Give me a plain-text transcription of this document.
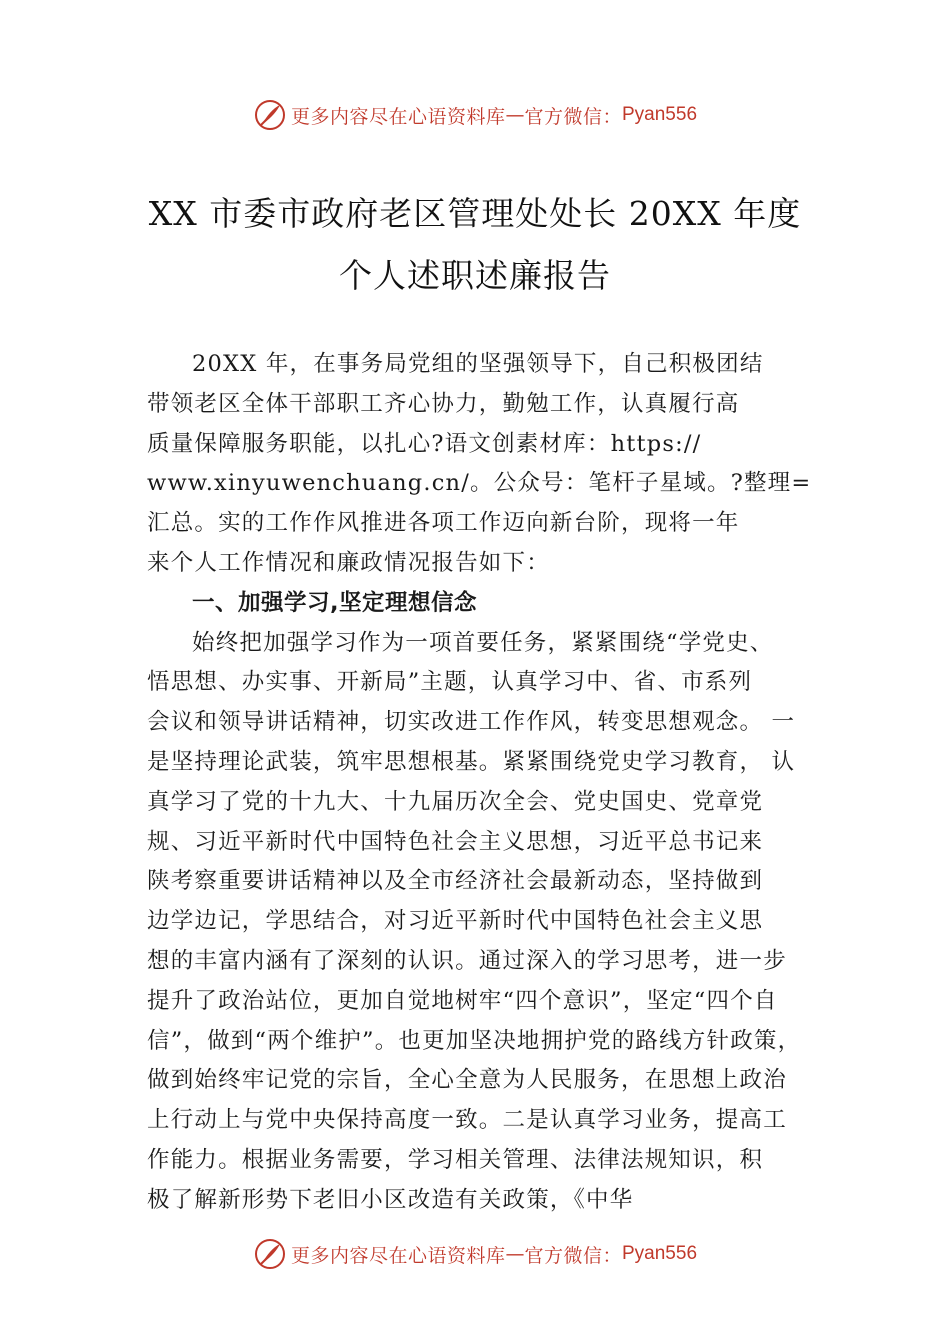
更多内容尽在心语资料库 — 官方微信： Pyan556
XX 市委市政府老区管理处处长 20XX 年度
个人述职述廉报告
20XX 年，在事务局党组的坚强领导下，自己积极团结
带领老区全体干部职工齐心协力，勤勉工作，认真履行高
质量保障服务职能，以扎心?语文创素材库：https://
www.xinyuwenchuang.cn/。公众号：笔杆子星域。?整理=
汇总。实的工作作风推进各项工作迈向新台阶，现将一年
来个人工作情况和廉政情况报告如下：
一、加强学习,坚定理想信念
始终把加强学习作为一项首要任务，紧紧围绕“学党史、
悟思想、办实事、开新局”主题，认真学习中、省、市系列
会议和领导讲话精神，切实改进工作作风，转变思想观念。 一
是坚持理论武装，筑牢思想根基。紧紧围绕党史学习教育， 认
真学习了党的十九大、十九届历次全会、党史国史、党章党
规、习近平新时代中国特色社会主义思想，习近平总书记来
陕考察重要讲话精神以及全市经济社会最新动态，坚持做到
边学边记，学思结合，对习近平新时代中国特色社会主义思
想的丰富内涵有了深刻的认识。通过深入的学习思考，进一步
提升了政治站位，更加自觉地树牢“四个意识”，坚定“四个自
信”，做到“两个维护”。也更加坚决地拥护党的路线方针政策，
做到始终牢记党的宗旨，全心全意为人民服务，在思想上政治
上行动上与党中央保持高度一致。二是认真学习业务，提高工
作能力。根据业务需要，学习相关管理、法律法规知识，积
极了解新形势下老旧小区改造有关政策，《中华
更多内容尽在心语资料库 — 官方微信： Pyan556
